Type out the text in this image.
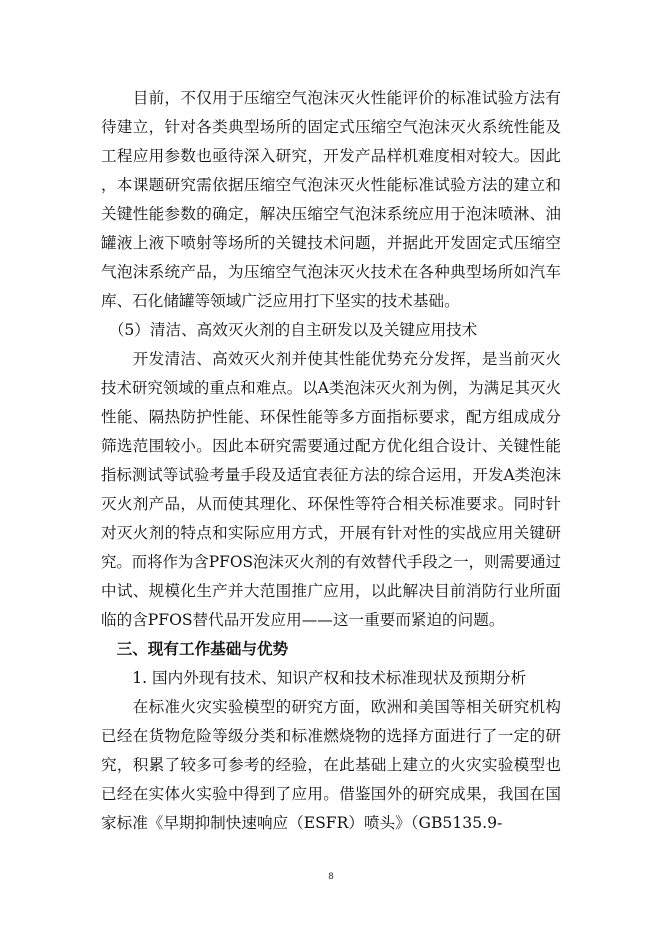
　　目前，不仅用于压缩空气泡沫灭火性能评价的标准试验方法有
待建立，针对各类典型场所的固定式压缩空气泡沫灭火系统性能及
工程应用参数也亟待深入研究，开发产品样机难度相对较大。因此
，本课题研究需依据压缩空气泡沫灭火性能标准试验方法的建立和
关键性能参数的确定，解决压缩空气泡沫系统应用于泡沫喷淋、油
罐液上液下喷射等场所的关键技术问题，并据此开发固定式压缩空
气泡沫系统产品，为压缩空气泡沫灭火技术在各种典型场所如汽车
库、石化储罐等领域广泛应用打下坚实的技术基础。
　（5）清洁、高效灭火剂的自主研发以及关键应用技术
　　开发清洁、高效灭火剂并使其性能优势充分发挥，是当前灭火
技术研究领域的重点和难点。以A类泡沫灭火剂为例，为满足其灭火
性能、隔热防护性能、环保性能等多方面指标要求，配方组成成分
筛选范围较小。因此本研究需要通过配方优化组合设计、关键性能
指标测试等试验考量手段及适宜表征方法的综合运用，开发A类泡沫
灭火剂产品，从而使其理化、环保性等符合相关标准要求。同时针
对灭火剂的特点和实际应用方式，开展有针对性的实战应用关键研
究。而将作为含PFOS泡沫灭火剂的有效替代手段之一，则需要通过
中试、规模化生产并大范围推广应用，以此解决目前消防行业所面
临的含PFOS替代品开发应用——这一重要而紧迫的问题。
　三、现有工作基础与优势
　　1. 国内外现有技术、知识产权和技术标准现状及预期分析
　　在标准火灾实验模型的研究方面，欧洲和美国等相关研究机构
已经在货物危险等级分类和标准燃烧物的选择方面进行了一定的研
究，积累了较多可参考的经验，在此基础上建立的火灾实验模型也
已经在实体火实验中得到了应用。借鉴国外的研究成果，我国在国
家标准《早期抑制快速响应（ESFR）喷头》（GB5135.9-
8
